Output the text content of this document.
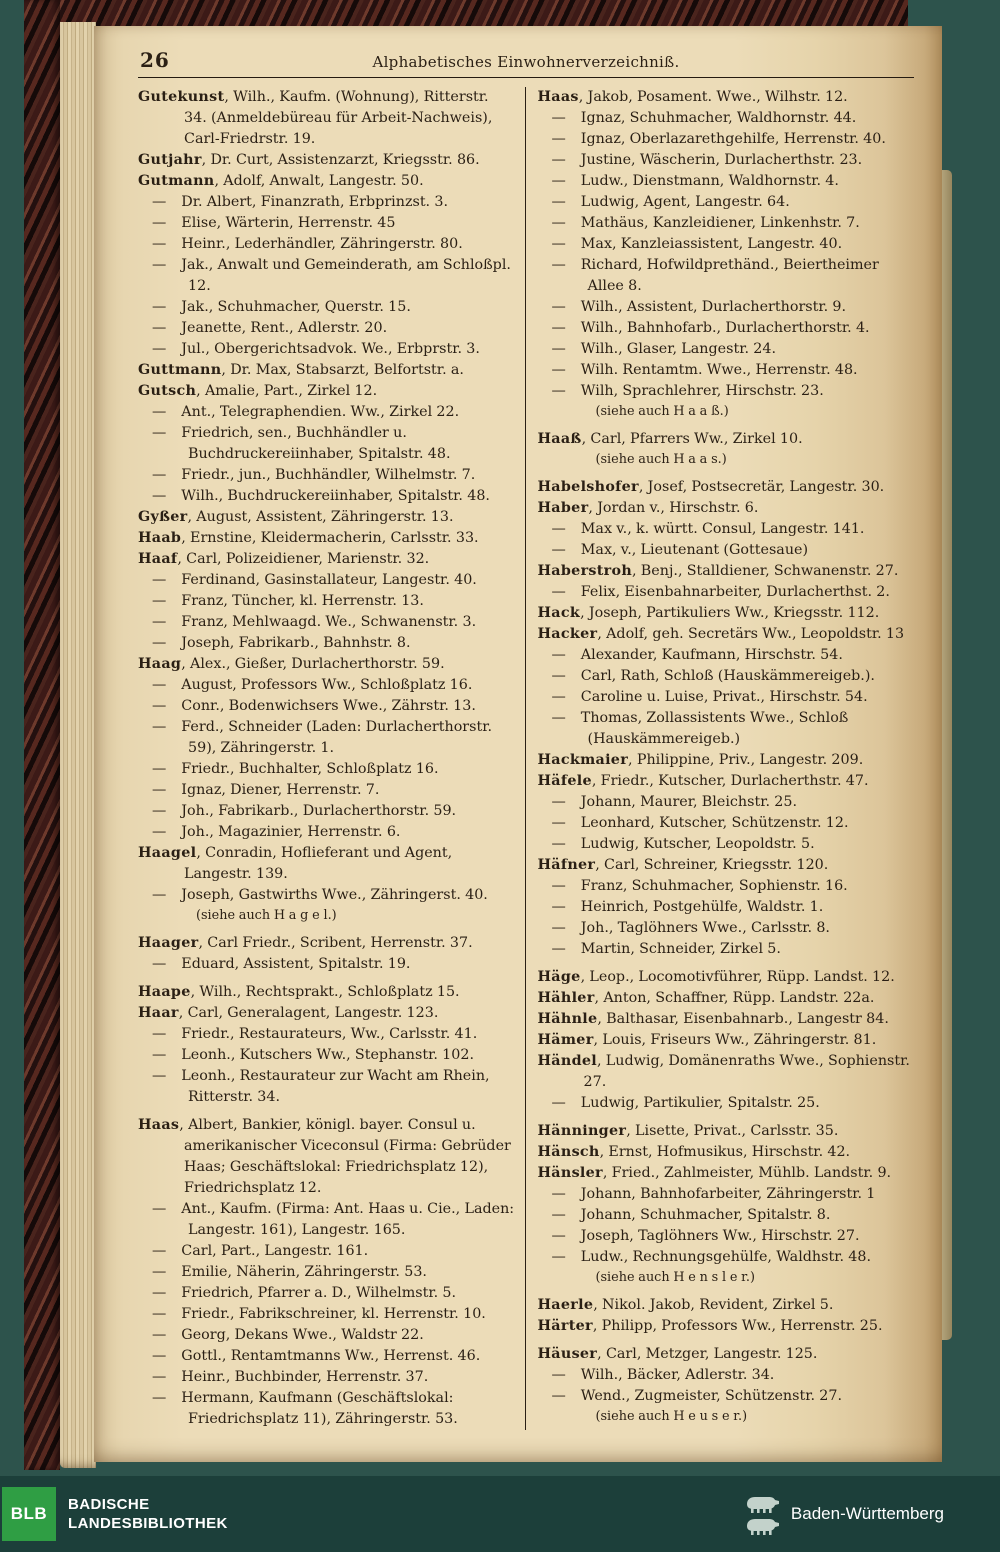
26	Alphabetisches Einwohnerverzeichniß.

Gutekunst, Wilh., Kaufm. (Wohnung), Ritterstr. 34. (Anmeldebüreau für Arbeit-Nachweis), Carl-Friedrstr. 19.

Gutjahr, Dr. Curt, Assistenzarzt, Kriegsstr. 86.

Gutmann, Adolf, Anwalt, Langestr. 50.

— Dr. Albert, Finanzrath, Erbprinzst. 3.

— Elise, Wärterin, Herrenstr. 45

— Heinr., Lederhändler, Zähringerstr. 80.

— Jak., Anwalt und Gemeinderath, am Schloßpl. 12.

— Jak., Schuhmacher, Querstr. 15.

— Jeanette, Rent., Adlerstr. 20.

— Jul., Obergerichtsadvok. We., Erbprstr. 3.

Guttmann, Dr. Max, Stabsarzt, Belfortstr. a.

Gutsch, Amalie, Part., Zirkel 12.

— Ant., Telegraphendien. Ww., Zirkel 22.

— Friedrich, sen., Buchhändler u. Buchdruckereiinhaber, Spitalstr. 48.

— Friedr., jun., Buchhändler, Wilhelmstr. 7.

— Wilh., Buchdruckereiinhaber, Spitalstr. 48.

Gyßer, August, Assistent, Zähringerstr. 13.

Haab, Ernstine, Kleidermacherin, Carlsstr. 33.

Haaf, Carl, Polizeidiener, Marienstr. 32.

— Ferdinand, Gasinstallateur, Langestr. 40.

— Franz, Tüncher, kl. Herrenstr. 13.

— Franz, Mehlwaagd. We., Schwanenstr. 3.

— Joseph, Fabrikarb., Bahnhstr. 8.

Haag, Alex., Gießer, Durlacherthorstr. 59.

— August, Professors Ww., Schloßplatz 16.

— Conr., Bodenwichsers Wwe., Zährstr. 13.

— Ferd., Schneider (Laden: Durlacherthorstr. 59), Zähringerstr. 1.

— Friedr., Buchhalter, Schloßplatz 16.

— Ignaz, Diener, Herrenstr. 7.

— Joh., Fabrikarb., Durlacherthorstr. 59.

— Joh., Magazinier, Herrenstr. 6.

Haagel, Conradin, Hoflieferant und Agent, Langestr. 139.

— Joseph, Gastwirths Wwe., Zähringerst. 40.

(siehe auch H a g e l.)

Haager, Carl Friedr., Scribent, Herrenstr. 37.

— Eduard, Assistent, Spitalstr. 19.

Haape, Wilh., Rechtsprakt., Schloßplatz 15.

Haar, Carl, Generalagent, Langestr. 123.

— Friedr., Restaurateurs, Ww., Carlsstr. 41.

— Leonh., Kutschers Ww., Stephanstr. 102.

— Leonh., Restaurateur zur Wacht am Rhein, Ritterstr. 34.

Haas, Albert, Bankier, königl. bayer. Consul u. amerikanischer Viceconsul (Firma: Gebrüder Haas; Geschäftslokal: Friedrichsplatz 12), Friedrichsplatz 12.

— Ant., Kaufm. (Firma: Ant. Haas u. Cie., Laden: Langestr. 161), Langestr. 165.

— Carl, Part., Langestr. 161.

— Emilie, Näherin, Zähringerstr. 53.

— Friedrich, Pfarrer a. D., Wilhelmstr. 5.

— Friedr., Fabrikschreiner, kl. Herrenstr. 10.

— Georg, Dekans Wwe., Waldstr 22.

— Gottl., Rentamtmanns Ww., Herrenst. 46.

— Heinr., Buchbinder, Herrenstr. 37.

— Hermann, Kaufmann (Geschäftslokal: Friedrichsplatz 11), Zähringerstr. 53.

Haas, Jakob, Posament. Wwe., Wilhstr. 12.

— Ignaz, Schuhmacher, Waldhornstr. 44.

— Ignaz, Oberlazarethgehilfe, Herrenstr. 40.

— Justine, Wäscherin, Durlacherthstr. 23.

— Ludw., Dienstmann, Waldhornstr. 4.

— Ludwig, Agent, Langestr. 64.

— Mathäus, Kanzleidiener, Linkenhstr. 7.

— Max, Kanzleiassistent, Langestr. 40.

— Richard, Hofwildprethänd., Beiertheimer Allee 8.

— Wilh., Assistent, Durlacherthorstr. 9.

— Wilh., Bahnhofarb., Durlacherthorstr. 4.

— Wilh., Glaser, Langestr. 24.

— Wilh. Rentamtm. Wwe., Herrenstr. 48.

— Wilh, Sprachlehrer, Hirschstr. 23.

(siehe auch H a a ß.)

Haaß, Carl, Pfarrers Ww., Zirkel 10.

(siehe auch H a a s.)

Habelshofer, Josef, Postsecretär, Langestr. 30.

Haber, Jordan v., Hirschstr. 6.

— Max v., k. württ. Consul, Langestr. 141.

— Max, v., Lieutenant (Gottesaue)

Haberstroh, Benj., Stalldiener, Schwanenstr. 27.

— Felix, Eisenbahnarbeiter, Durlacherthst. 2.

Hack, Joseph, Partikuliers Ww., Kriegsstr. 112.

Hacker, Adolf, geh. Secretärs Ww., Leopoldstr. 13

— Alexander, Kaufmann, Hirschstr. 54.

— Carl, Rath, Schloß (Hauskämmereigeb.).

— Caroline u. Luise, Privat., Hirschstr. 54.

— Thomas, Zollassistents Wwe., Schloß (Hauskämmereigeb.)

Hackmaier, Philippine, Priv., Langestr. 209.

Häfele, Friedr., Kutscher, Durlacherthstr. 47.

— Johann, Maurer, Bleichstr. 25.

— Leonhard, Kutscher, Schützenstr. 12.

— Ludwig, Kutscher, Leopoldstr. 5.

Häfner, Carl, Schreiner, Kriegsstr. 120.

— Franz, Schuhmacher, Sophienstr. 16.

— Heinrich, Postgehülfe, Waldstr. 1.

— Joh., Taglöhners Wwe., Carlsstr. 8.

— Martin, Schneider, Zirkel 5.

Häge, Leop., Locomotivführer, Rüpp. Landst. 12.

Hähler, Anton, Schaffner, Rüpp. Landstr. 22a.

Hähnle, Balthasar, Eisenbahnarb., Langestr 84.

Hämer, Louis, Friseurs Ww., Zähringerstr. 81.

Händel, Ludwig, Domänenraths Wwe., Sophienstr. 27.

— Ludwig, Partikulier, Spitalstr. 25.

Hänninger, Lisette, Privat., Carlsstr. 35.

Hänsch, Ernst, Hofmusikus, Hirschstr. 42.

Hänsler, Fried., Zahlmeister, Mühlb. Landstr. 9.

— Johann, Bahnhofarbeiter, Zähringerstr. 1

— Johann, Schuhmacher, Spitalstr. 8.

— Joseph, Taglöhners Ww., Hirschstr. 27.

— Ludw., Rechnungsgehülfe, Waldhstr. 48.

(siehe auch H e n s l e r.)

Haerle, Nikol. Jakob, Revident, Zirkel 5.

Härter, Philipp, Professors Ww., Herrenstr. 25.

Häuser, Carl, Metzger, Langestr. 125.

— Wilh., Bäcker, Adlerstr. 34.

— Wend., Zugmeister, Schützenstr. 27.

(siehe auch H e u s e r.)

BLB	BADISCHE
LANDESBIBLIOTHEK
Baden-Württemberg
